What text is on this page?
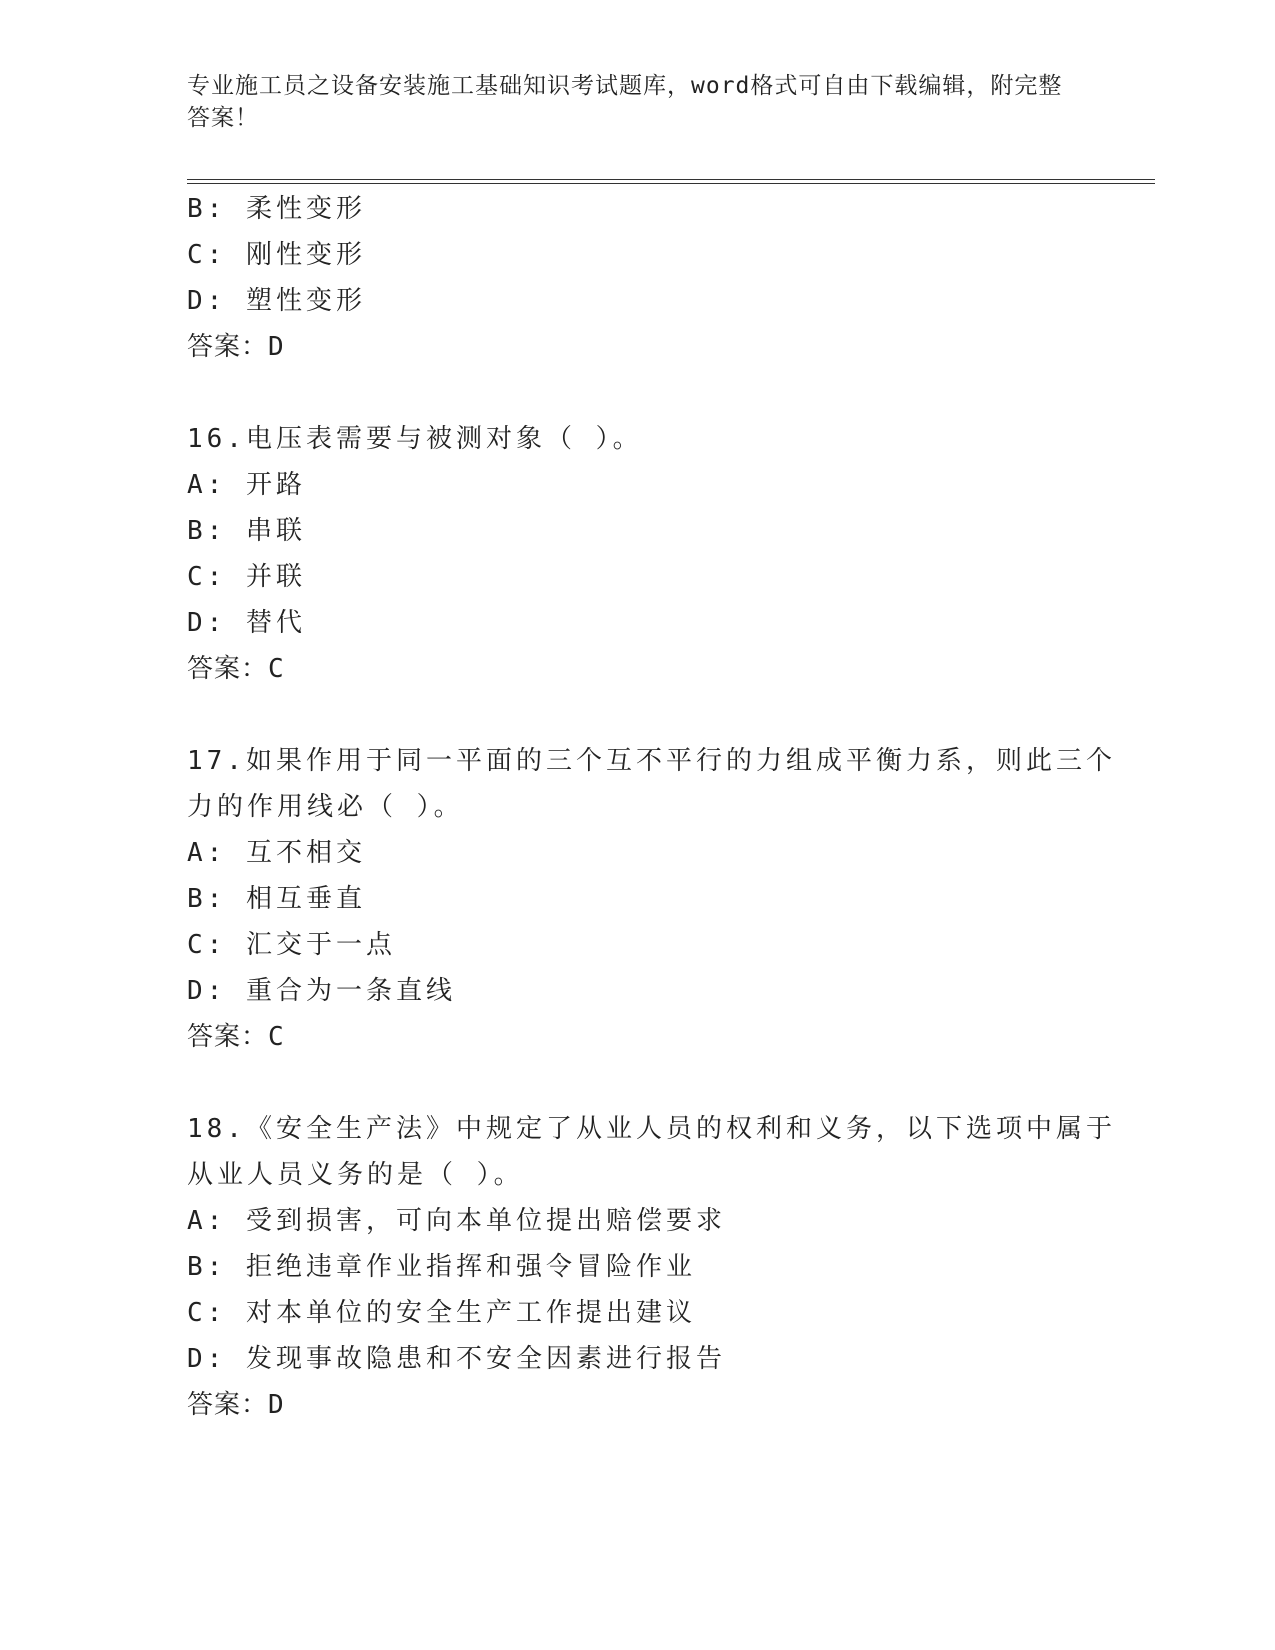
专业施工员之设备安装施工基础知识考试题库，word格式可自由下载编辑，附完整答案！
B: 柔性变形
C: 刚性变形
D: 塑性变形
答案：D
16.电压表需要与被测对象（ ）。
A: 开路
B: 串联
C: 并联
D: 替代
答案：C
17.如果作用于同一平面的三个互不平行的力组成平衡力系，则此三个
力的作用线必（ ）。
A: 互不相交
B: 相互垂直
C: 汇交于一点
D: 重合为一条直线
答案：C
18.《安全生产法》中规定了从业人员的权利和义务，以下选项中属于
从业人员义务的是（ ）。
A: 受到损害，可向本单位提出赔偿要求
B: 拒绝违章作业指挥和强令冒险作业
C: 对本单位的安全生产工作提出建议
D: 发现事故隐患和不安全因素进行报告
答案：D
